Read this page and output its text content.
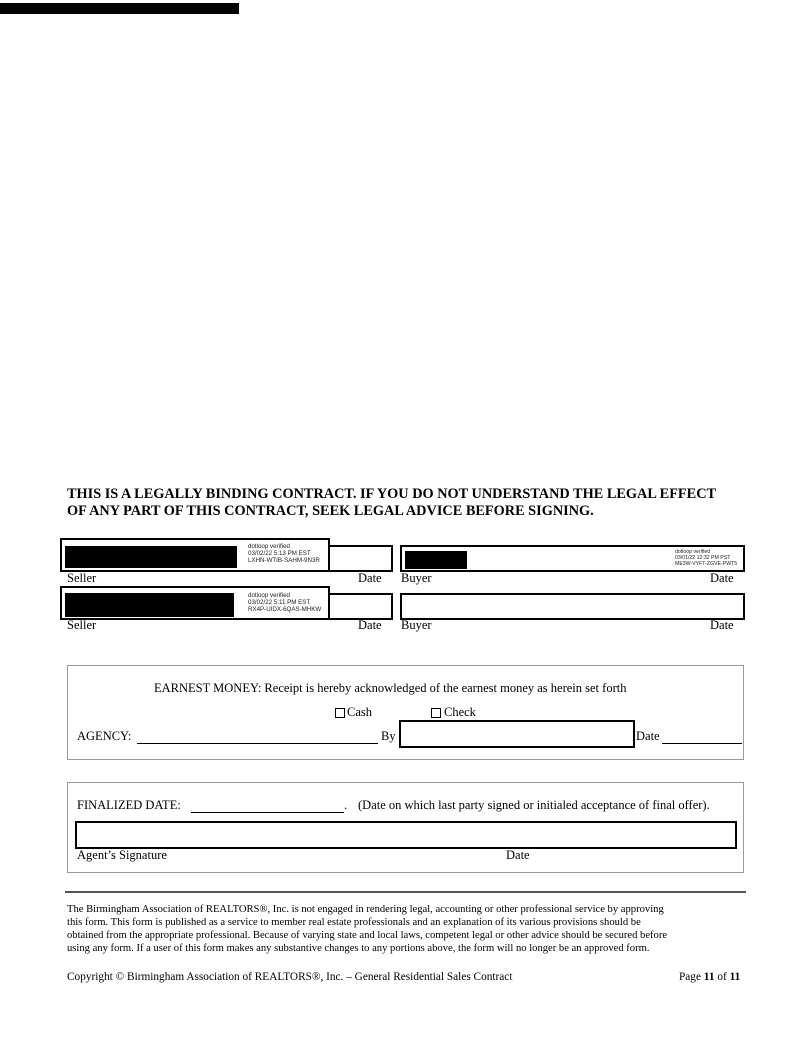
THIS IS A LEGALLY BINDING CONTRACT. IF YOU DO NOT UNDERSTAND THE LEGAL EFFECT
OF ANY PART OF THIS CONTRACT, SEEK LEGAL ADVICE BEFORE SIGNING.
dotloop verified
03/02/22 5:13 PM EST
LXHN-WTIB-SAHM-9N3R
Seller	Date
dotloop verified
03/01/22 12:32 PM PST
ME3W-VYFT-ZGVE-PWT5
Buyer	Date
dotloop verified
03/02/22 5:11 PM EST
RX4P-UIDX-6QAS-MHKW
Seller	Date Buyer	Date
EARNEST MONEY: Receipt is hereby acknowledged of the earnest money as herein set forth
Cash	Check
AGENCY:	By	Date
FINALIZED DATE:	. (Date on which last party signed or initialed acceptance of final offer).
Agent’s Signature	Date
The Birmingham Association of REALTORS®, Inc. is not engaged in rendering legal, accounting or other professional service by approving
this form. This form is published as a service to member real estate professionals and an explanation of its various provisions should be
obtained from the appropriate professional. Because of varying state and local laws, competent legal or other advice should be secured before
using any form. If a user of this form makes any substantive changes to any portions above, the form will no longer be an approved form.
Copyright © Birmingham Association of REALTORS®, Inc. – General Residential Sales Contract	Page 11 of 11
